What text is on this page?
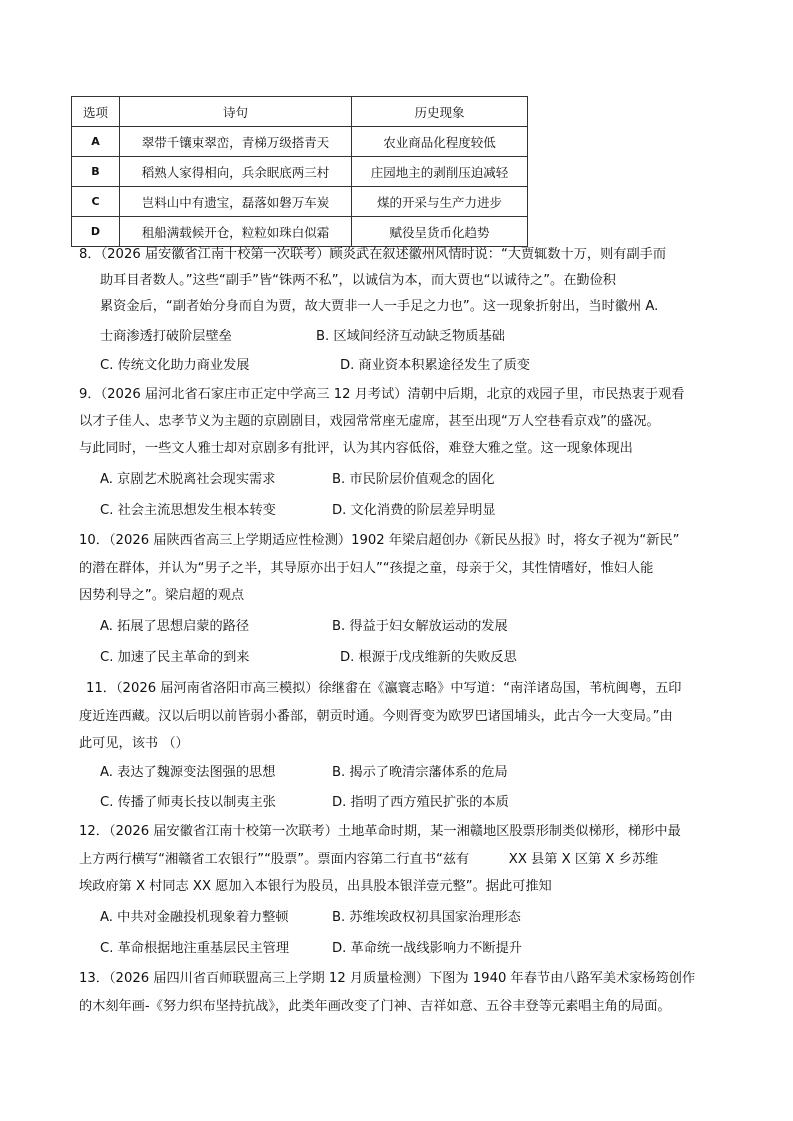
选项	诗句	历史现象
A	翠带千镶束翠峦，青梯万级搭青天	农业商品化程度较低
B	稻熟人家得相向，兵余眠底两三村	庄园地主的剥削压迫减轻
C	岂料山中有遗宝，磊落如磐万车炭	煤的开采与生产力进步
D	租船满载候开仓，粒粒如珠白似霜	赋役呈货币化趋势
8．（2026 届安徽省江南十校第一次联考）顾炎武在叙述徽州风情时说：“大贾辄数十万，则有副手而
助耳目者数人。”这些“副手”皆“铢两不私”，以诚信为本，而大贾也“以诚待之”。在勤俭积
累资金后，“副者始分身而自为贾，故大贾非一人一手足之力也”。这一现象折射出，当时徽州 A.
士商渗透打破阶层壁垒	B. 区域间经济互动缺乏物质基础
C. 传统文化助力商业发展	D. 商业资本积累途径发生了质变
9．（2026 届河北省石家庄市正定中学高三 12 月考试）清朝中后期，北京的戏园子里，市民热衷于观看
以才子佳人、忠孝节义为主题的京剧剧目，戏园常常座无虚席，甚至出现“万人空巷看京戏”的盛况。
与此同时，一些文人雅士却对京剧多有批评，认为其内容低俗，难登大雅之堂。这一现象体现出
A. 京剧艺术脱离社会现实需求	B. 市民阶层价值观念的固化
C. 社会主流思想发生根本转变	D. 文化消费的阶层差异明显
10．（2026 届陕西省高三上学期适应性检测）1902 年梁启超创办《新民丛报》时，将女子视为“新民”
的潜在群体，并认为“男子之半，其导原亦出于妇人”“孩提之童，母亲于父，其性情嗜好，惟妇人能
因势利导之”。梁启超的观点
A. 拓展了思想启蒙的路径	B. 得益于妇女解放运动的发展
C. 加速了民主革命的到来	D. 根源于戊戌维新的失败反思
11．（2026 届河南省洛阳市高三模拟）徐继畬在《瀛寰志略》中写道：“南洋诸岛国，苇杭闽粤，五印
度近连西藏。汉以后明以前皆弱小番部，朝贡时通。今则胥变为欧罗巴诸国埔头，此古今一大变局。”由
此可见，该书 （）
A. 表达了魏源变法图强的思想	B. 揭示了晚清宗藩体系的危局
C. 传播了师夷长技以制夷主张	D. 指明了西方殖民扩张的本质
12．（2026 届安徽省江南十校第一次联考）土地革命时期，某一湘赣地区股票形制类似梯形，梯形中最
上方两行横写“湘赣省工农银行”“股票”。票面内容第二行直书“兹有　　　XX 县第 X 区第 X 乡苏维
埃政府第 X 村同志 XX 愿加入本银行为股员，出具股本银洋壹元整”。据此可推知
A. 中共对金融投机现象着力整顿	B. 苏维埃政权初具国家治理形态
C. 革命根据地注重基层民主管理	D. 革命统一战线影响力不断提升
13．（2026 届四川省百师联盟高三上学期 12 月质量检测）下图为 1940 年春节由八路军美术家杨筠创作
的木刻年画-《努力织布坚持抗战》，此类年画改变了门神、吉祥如意、五谷丰登等元素唱主角的局面。
